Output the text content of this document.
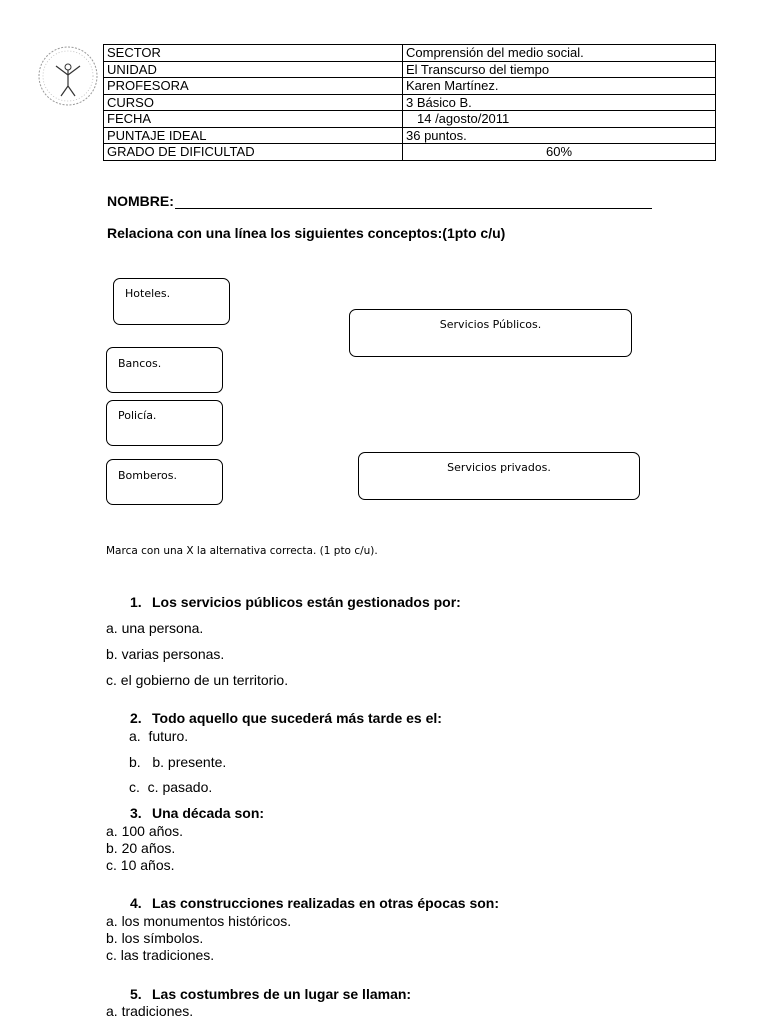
SECTOR	Comprensión del medio social.
UNIDAD	El Transcurso del tiempo
PROFESORA	Karen Martínez.
CURSO	3 Básico B.
FECHA	14 /agosto/2011
PUNTAJE IDEAL	36 puntos.
GRADO DE DIFICULTAD	60%
NOMBRE:
Relaciona con una línea los siguientes conceptos:(1pto c/u)
Hoteles.
Bancos.
Policía.
Bomberos.
Servicios Públicos.
Servicios privados.
Marca con una X la alternativa correcta. (1 pto c/u).
1. Los servicios públicos están gestionados por:
a. una persona.
b. varias personas.
c. el gobierno de un territorio.
2. Todo aquello que sucederá más tarde es el:
a.  futuro.
b.   b. presente.
c.  c. pasado.
3. Una década son:
a. 100 años.
b. 20 años.
c. 10 años.
4. Las construcciones realizadas en otras épocas son:
a. los monumentos históricos.
b. los símbolos.
c. las tradiciones.
5. Las costumbres de un lugar se llaman:
a. tradiciones.
